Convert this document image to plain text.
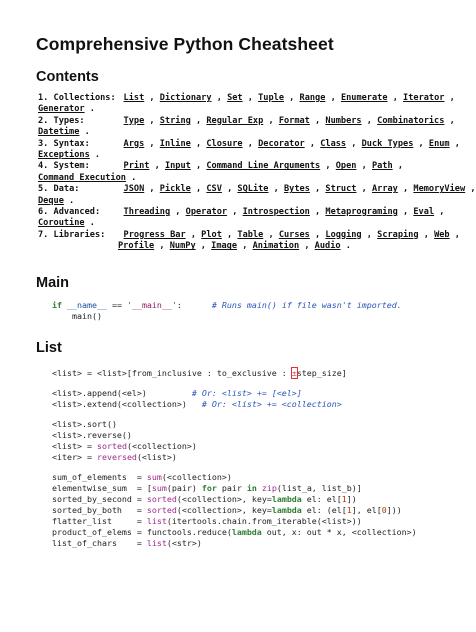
Comprehensive Python Cheatsheet
Contents
1. Collections: List , Dictionary , Set , Tuple , Range , Enumerate , Iterator ,
Generator .
2. Types:	Type , String , Regular_Exp , Format , Numbers , Combinatorics ,
Datetime .
3. Syntax:	Args , Inline , Closure , Decorator , Class , Duck_Types , Enum ,
Exceptions .
4. System:	Print , Input , Command_Line_Arguments , Open , Path ,
Command_Execution .
5. Data:	JSON , Pickle , CSV , SQLite , Bytes , Struct , Array , MemoryView ,
Deque .
6. Advanced:	Threading , Operator , Introspection , Metaprograming , Eval ,
Coroutine .
7. Libraries: Progress_Bar , Plot , Table , Curses , Logging , Scraping , Web ,
Profile , NumPy , Image , Animation , Audio .
Main
if __name__ == '__main__':	# Runs main() if file wasn't imported.
main()
List
<list> = <list>[from_inclusive : to_exclusive : ±step_size]
<list>.append(<el>)	# Or: <list> += [<el>]
<list>.extend(<collection>) # Or: <list> += <collection>
<list>.sort()
<list>.reverse()
<list> = sorted(<collection>)
<iter> = reversed(<list>)
sum_of_elements  = sum(<collection>)
elementwise_sum  = [sum(pair) for pair in zip(list_a, list_b)]
sorted_by_second = sorted(<collection>, key=lambda el: el[1])
sorted_by_both   = sorted(<collection>, key=lambda el: (el[1], el[0]))
flatter_list     = list(itertools.chain.from_iterable(<list>))
product_of_elems = functools.reduce(lambda out, x: out * x, <collection>)
list_of_chars    = list(<str>)
